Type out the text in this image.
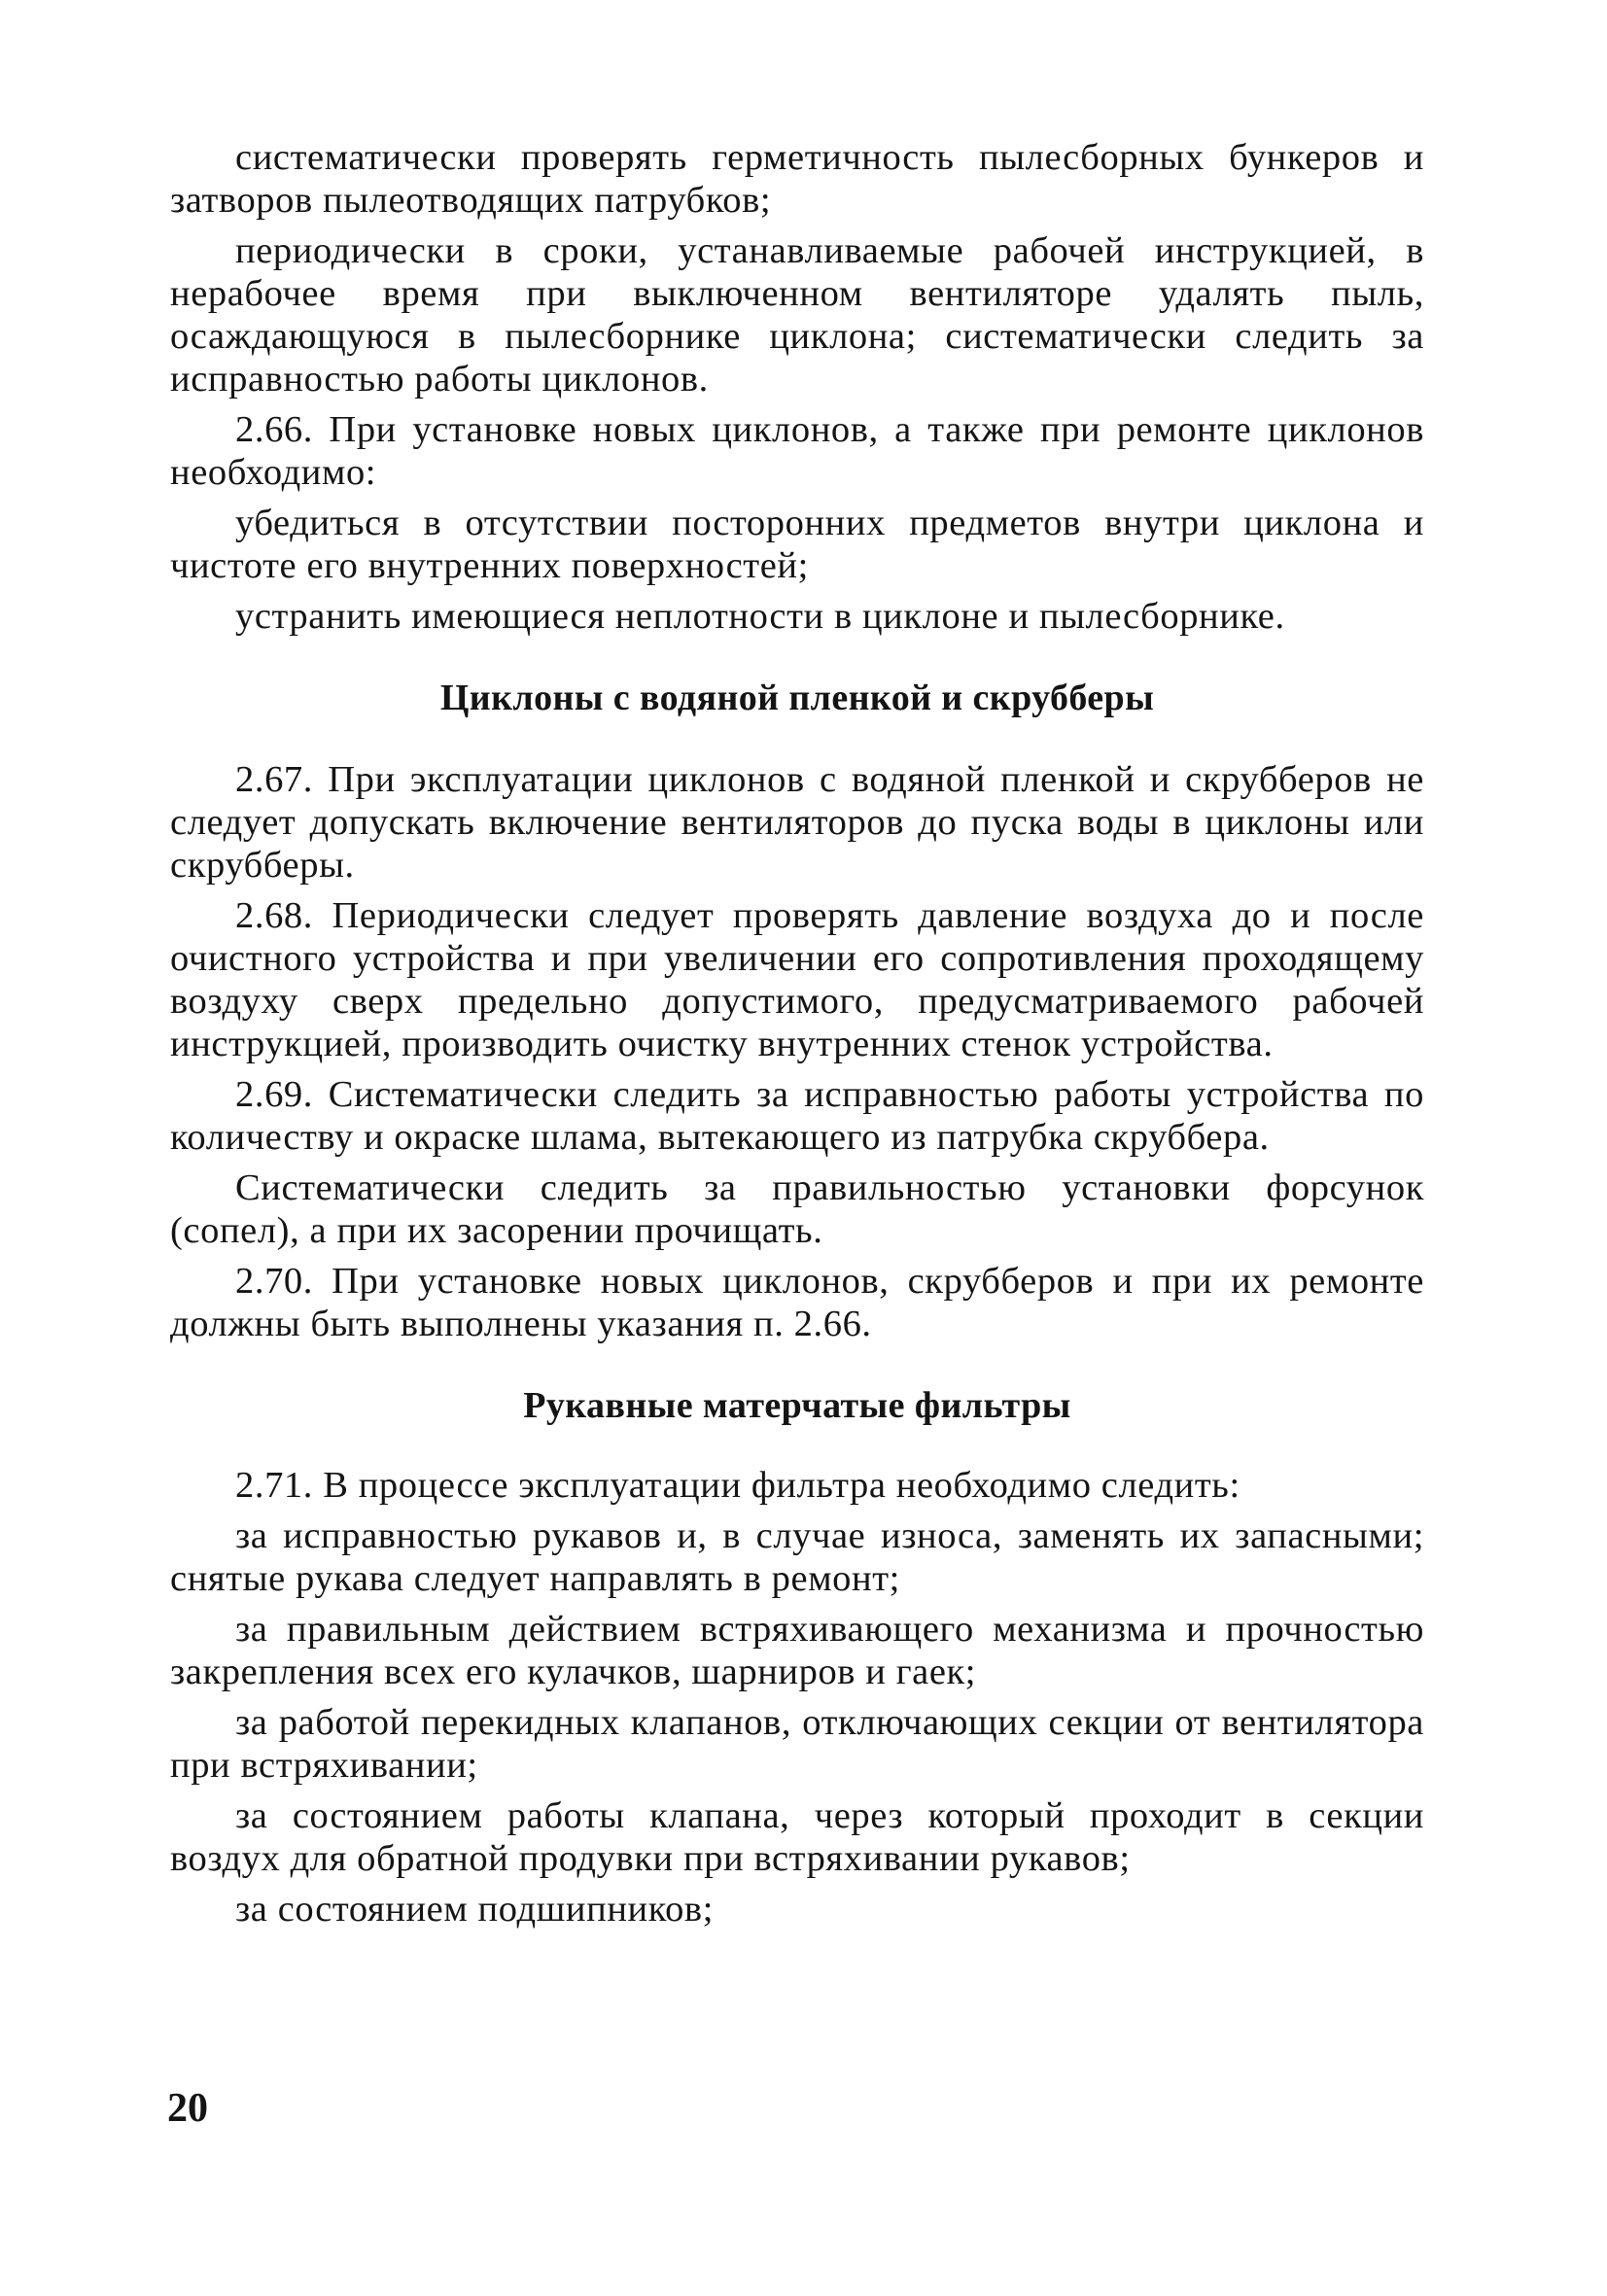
систематически проверять герметичность пылесборных бункеров и затворов пылеотводящих патрубков;

периодически в сроки, устанавливаемые рабочей инструкцией, в нерабочее время при выключенном вентиляторе удалять пыль, осаждающуюся в пылесборнике циклона; систематически следить за исправностью работы циклонов.

2.66. При установке новых циклонов, а также при ремонте циклонов необходимо:

убедиться в отсутствии посторонних предметов внутри циклона и чистоте его внутренних поверхностей;

устранить имеющиеся неплотности в циклоне и пылесборнике.

Циклоны с водяной пленкой и скрубберы

2.67. При эксплуатации циклонов с водяной пленкой и скрубберов не следует допускать включение вентиляторов до пуска воды в циклоны или скрубберы.

2.68. Периодически следует проверять давление воздуха до и после очистного устройства и при увеличении его сопротивления проходящему воздуху сверх предельно допустимого, предусматриваемого рабочей инструкцией, производить очистку внутренних стенок устройства.

2.69. Систематически следить за исправностью работы устройства по количеству и окраске шлама, вытекающего из патрубка скруббера.

Систематически следить за правильностью установки форсунок (сопел), а при их засорении прочищать.

2.70. При установке новых циклонов, скрубберов и при их ремонте должны быть выполнены указания п. 2.66.

Рукавные матерчатые фильтры

2.71. В процессе эксплуатации фильтра необходимо следить:

за исправностью рукавов и, в случае износа, заменять их запасными; снятые рукава следует направлять в ремонт;

за правильным действием встряхивающего механизма и прочностью закрепления всех его кулачков, шарниров и гаек;

за работой перекидных клапанов, отключающих секции от вентилятора при встряхивании;

за состоянием работы клапана, через который проходит в секции воздух для обратной продувки при встряхивании рукавов;

за состоянием подшипников;

20
